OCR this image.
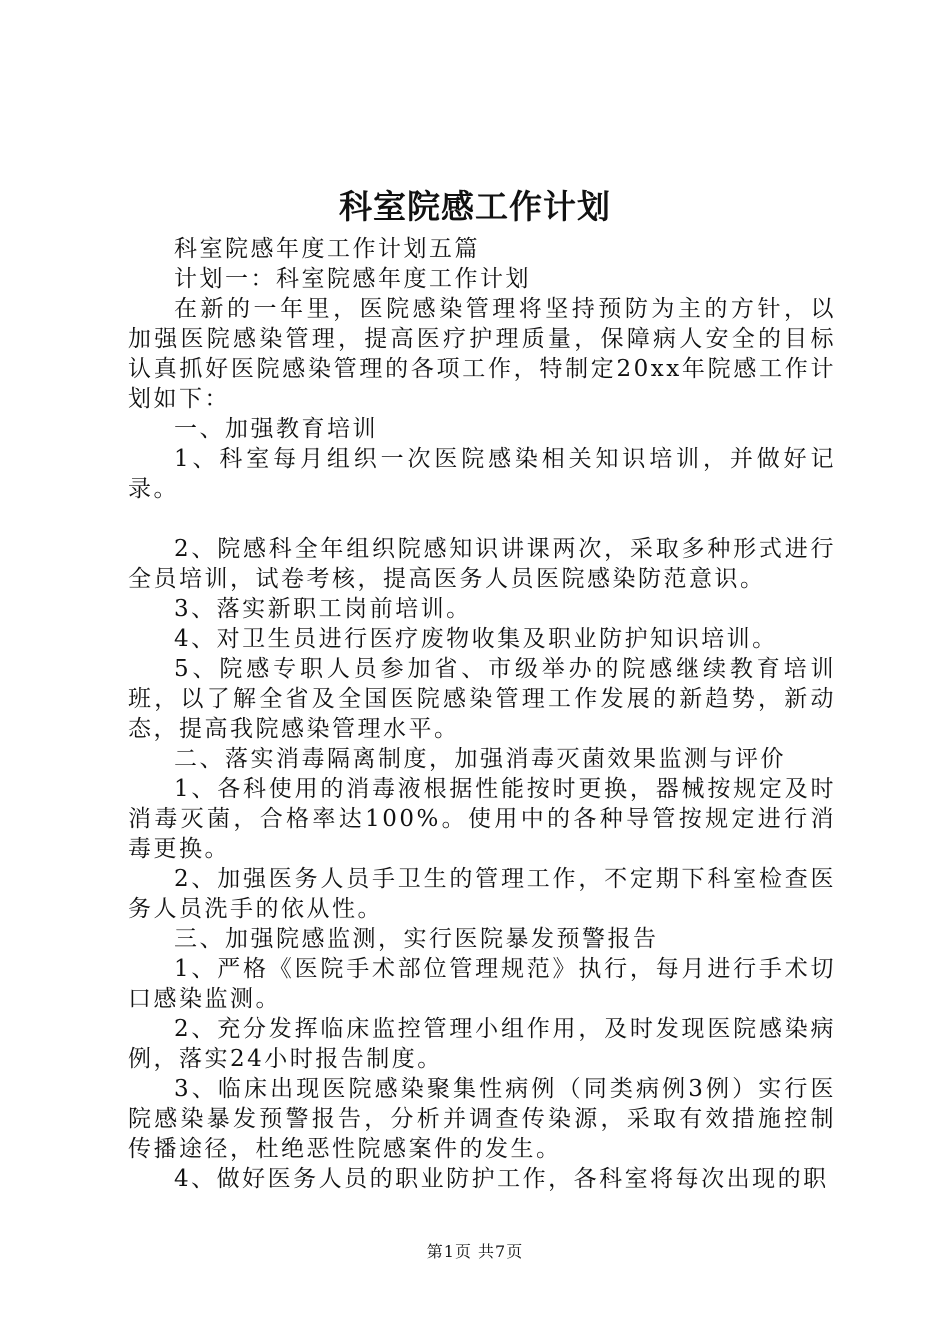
科室院感工作计划

科室院感年度工作计划五篇

计划一：科室院感年度工作计划

在新的一年里，医院感染管理将坚持预防为主的方针，以加强医院感染管理，提高医疗护理质量，保障病人安全的目标认真抓好医院感染管理的各项工作，特制定20xx年院感工作计划如下：

一、加强教育培训

1、科室每月组织一次医院感染相关知识培训，并做好记录。

2、院感科全年组织院感知识讲课两次，采取多种形式进行全员培训，试卷考核，提高医务人员医院感染防范意识。

3、落实新职工岗前培训。

4、对卫生员进行医疗废物收集及职业防护知识培训。

5、院感专职人员参加省、市级举办的院感继续教育培训班，以了解全省及全国医院感染管理工作发展的新趋势，新动态，提高我院感染管理水平。

二、落实消毒隔离制度，加强消毒灭菌效果监测与评价

1、各科使用的消毒液根据性能按时更换，器械按规定及时消毒灭菌，合格率达100%。使用中的各种导管按规定进行消毒更换。

2、加强医务人员手卫生的管理工作，不定期下科室检查医务人员洗手的依从性。

三、加强院感监测，实行医院暴发预警报告

1、严格《医院手术部位管理规范》执行，每月进行手术切口感染监测。

2、充分发挥临床监控管理小组作用，及时发现医院感染病例，落实24小时报告制度。

3、临床出现医院感染聚集性病例（同类病例3例）实行医院感染暴发预警报告，分析并调查传染源，采取有效措施控制传播途径，杜绝恶性院感案件的发生。

4、做好医务人员的职业防护工作，各科室将每次出现的职

第1页 共7页
